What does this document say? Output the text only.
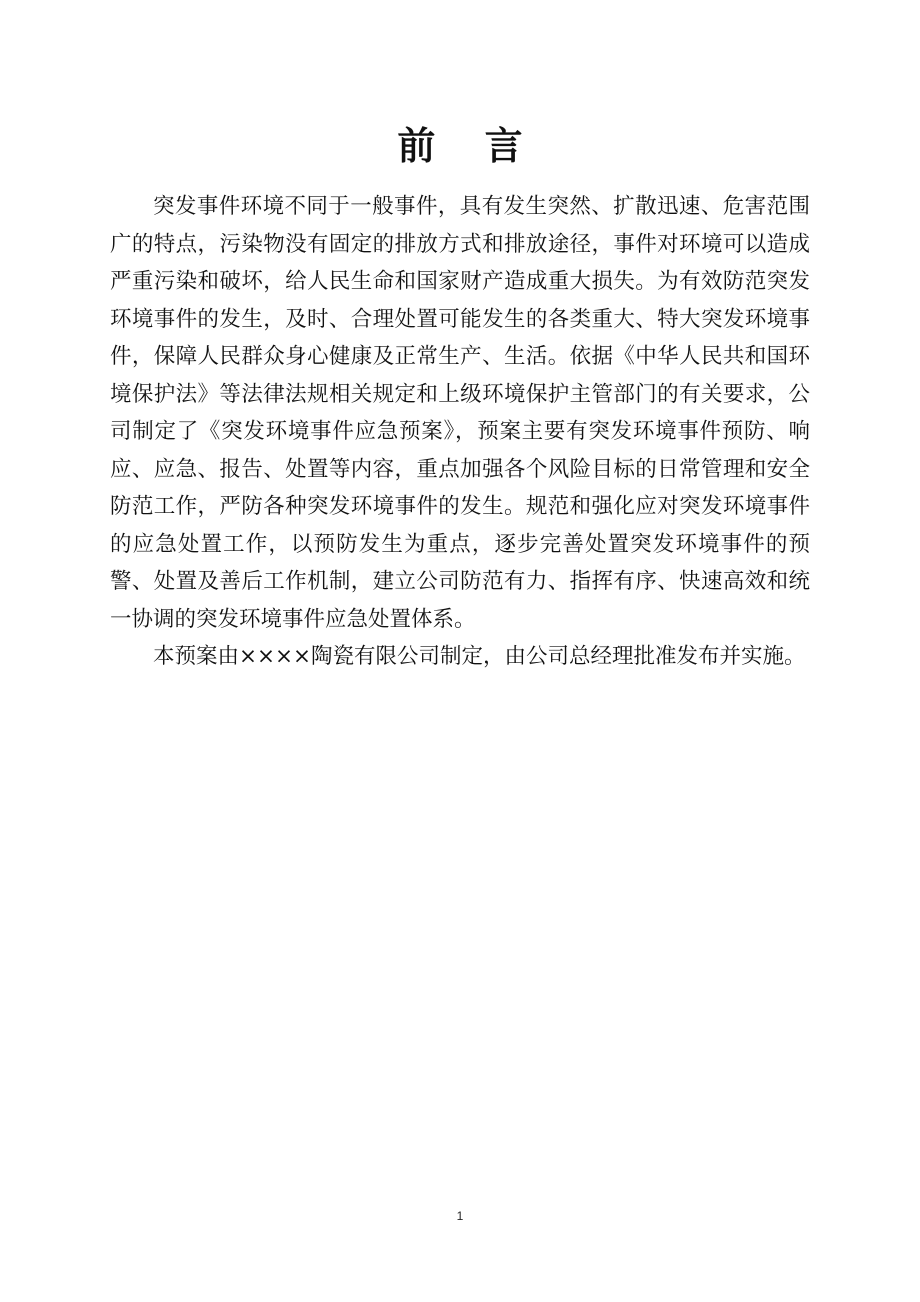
前 言

突发事件环境不同于一般事件，具有发生突然、扩散迅速、危害范围广的特点，污染物没有固定的排放方式和排放途径，事件对环境可以造成严重污染和破坏，给人民生命和国家财产造成重大损失。为有效防范突发环境事件的发生，及时、合理处置可能发生的各类重大、特大突发环境事件，保障人民群众身心健康及正常生产、生活。依据《中华人民共和国环境保护法》等法律法规相关规定和上级环境保护主管部门的有关要求，公司制定了《突发环境事件应急预案》，预案主要有突发环境事件预防、响应、应急、报告、处置等内容，重点加强各个风险目标的日常管理和安全防范工作，严防各种突发环境事件的发生。规范和强化应对突发环境事件的应急处置工作，以预防发生为重点，逐步完善处置突发环境事件的预警、处置及善后工作机制，建立公司防范有力、指挥有序、快速高效和统一协调的突发环境事件应急处置体系。

本预案由××××陶瓷有限公司制定，由公司总经理批准发布并实施。

1
